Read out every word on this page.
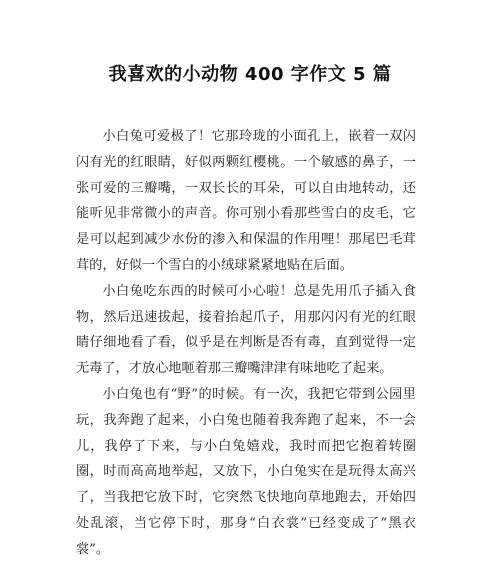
我喜欢的小动物 400 字作文 5 篇

小白兔可爱极了！它那玲珑的小面孔上，嵌着一双闪闪有光的红眼睛，好似两颗红樱桃。一个敏感的鼻子，一张可爱的三瓣嘴，一双长长的耳朵，可以自由地转动，还能听见非常微小的声音。你可别小看那些雪白的皮毛，它是可以起到减少水份的渗入和保温的作用哩！那尾巴毛茸茸的，好似一个雪白的小绒球紧紧地贴在后面。

小白兔吃东西的时候可小心啦！总是先用爪子插入食物，然后迅速拔起，接着抬起爪子，用那闪闪有光的红眼睛仔细地看了看，似乎是在判断是否有毒，直到觉得一定无毒了，才放心地咂着那三瓣嘴津津有味地吃了起来。

小白兔也有“野”的时候。有一次，我把它带到公园里玩，我奔跑了起来，小白兔也随着我奔跑了起来，不一会儿，我停了下来，与小白兔嬉戏，我时而把它抱着转圈圈，时而高高地举起，又放下，小白兔实在是玩得太高兴了，当我把它放下时，它突然飞快地向草地跑去，开始四处乱滚，当它停下时，那身“白衣裳”已经变成了“黑衣裳”。
